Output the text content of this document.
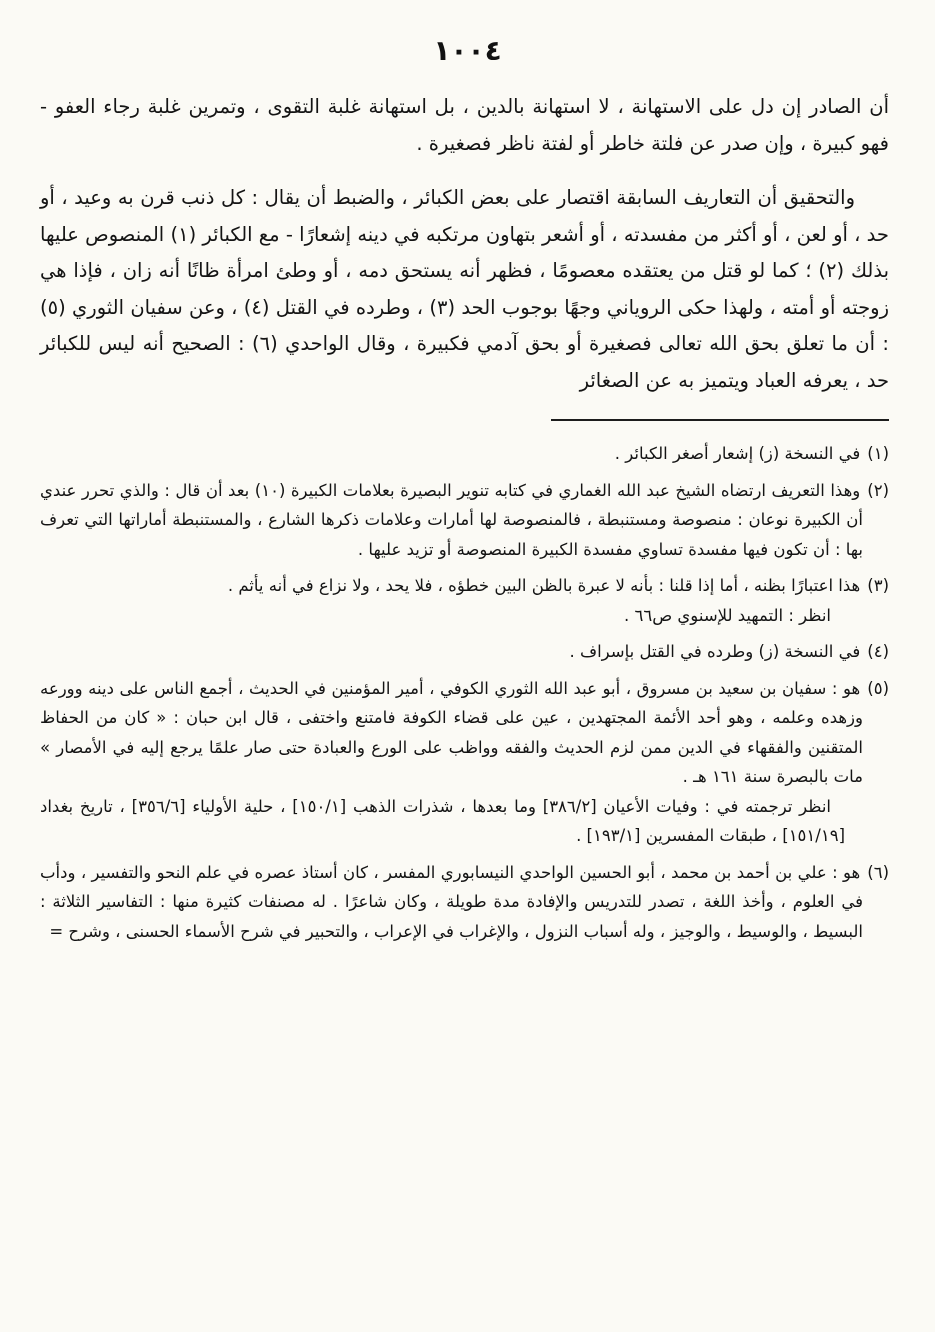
١٠٠٤

أن الصادر إن دل على الاستهانة ، لا استهانة بالدين ، بل استهانة غلبة التقوى ، وتمرين غلبة رجاء العفو - فهو كبيرة ، وإن صدر عن فلتة خاطر أو لفتة ناظر فصغيرة .

والتحقيق أن التعاريف السابقة اقتصار على بعض الكبائر ، والضبط أن يقال : كل ذنب قرن به وعيد ، أو حد ، أو لعن ، أو أكثر من مفسدته ، أو أشعر بتهاون مرتكبه في دينه إشعارًا - مع الكبائر (١) المنصوص عليها بذلك (٢) ؛ كما لو قتل من يعتقده معصومًا ، فظهر أنه يستحق دمه ، أو وطئ امرأة ظانًا أنه زان ، فإذا هي زوجته أو أمته ، ولهذا حكى الروياني وجهًا بوجوب الحد (٣) ، وطرده في القتل (٤) ، وعن سفيان الثوري (٥) : أن ما تعلق بحق الله تعالى فصغيرة أو بحق آدمي فكبيرة ، وقال الواحدي (٦) : الصحيح أنه ليس للكبائر حد ، يعرفه العباد ويتميز به عن الصغائر

(١)في النسخة (ز) إشعار أصغر الكبائر .
(٢)وهذا التعريف ارتضاه الشيخ عبد الله الغماري في كتابه تنوير البصيرة بعلامات الكبيرة (١٠) بعد أن قال : والذي تحرر عندي أن الكبيرة نوعان : منصوصة ومستنبطة ، فالمنصوصة لها أمارات وعلامات ذكرها الشارع ، والمستنبطة أماراتها التي تعرف بها : أن تكون فيها مفسدة تساوي مفسدة الكبيرة المنصوصة أو تزيد عليها .
(٣)هذا اعتبارًا بظنه ، أما إذا قلنا : بأنه لا عبرة بالظن البين خطؤه ، فلا يحد ، ولا نزاع في أنه يأثم .
انظر : التمهيد للإسنوي ص٦٦ .
(٤)في النسخة (ز) وطرده في القتل بإسراف .
(٥)هو : سفيان بن سعيد بن مسروق ، أبو عبد الله الثوري الكوفي ، أمير المؤمنين في الحديث ، أجمع الناس على دينه وورعه وزهده وعلمه ، وهو أحد الأئمة المجتهدين ، عين على قضاء الكوفة فامتنع واختفى ، قال ابن حبان : « كان من الحفاظ المتقنين والفقهاء في الدين ممن لزم الحديث والفقه وواظب على الورع والعبادة حتى صار علمًا يرجع إليه في الأمصار » مات بالبصرة سنة ١٦١ هـ .
انظر ترجمته في : وفيات الأعيان [٣٨٦/٢] وما بعدها ، شذرات الذهب [١٥٠/١] ، حلية الأولياء [٣٥٦/٦] ، تاريخ بغداد [١٥١/١٩] ، طبقات المفسرين [١٩٣/١] .
(٦)هو : علي بن أحمد بن محمد ، أبو الحسين الواحدي النيسابوري المفسر ، كان أستاذ عصره في علم النحو والتفسير ، ودأب في العلوم ، وأخذ اللغة ، تصدر للتدريس والإفادة مدة طويلة ، وكان شاعرًا . له مصنفات كثيرة منها : التفاسير الثلاثة : البسيط ، والوسيط ، والوجيز ، وله أسباب النزول ، والإغراب في الإعراب ، والتحبير في شرح الأسماء الحسنى ، وشرح =
